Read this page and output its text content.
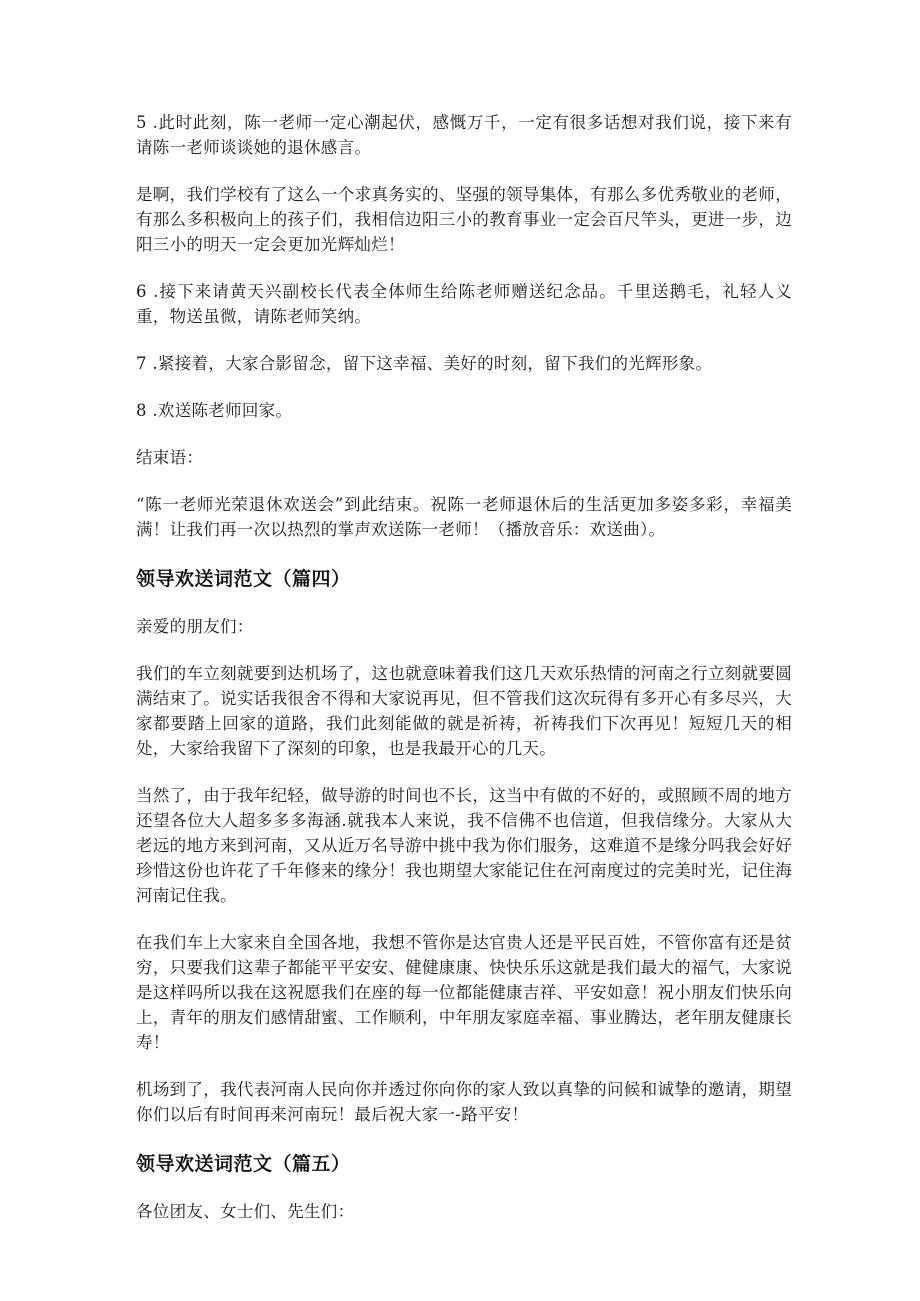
5 .此时此刻，陈一老师一定心潮起伏，感慨万千，一定有很多话想对我们说，接下来有请陈一老师谈谈她的退休感言。

是啊，我们学校有了这么一个求真务实的、坚强的领导集体，有那么多优秀敬业的老师，有那么多积极向上的孩子们，我相信边阳三小的教育事业一定会百尺竿头，更进一步，边阳三小的明天一定会更加光辉灿烂！

6 .接下来请黄天兴副校长代表全体师生给陈老师赠送纪念品。千里送鹅毛，礼轻人义重，物送虽微，请陈老师笑纳。

7 .紧接着，大家合影留念，留下这幸福、美好的时刻，留下我们的光辉形象。

8 .欢送陈老师回家。

结束语：

“陈一老师光荣退休欢送会”到此结束。祝陈一老师退休后的生活更加多姿多彩，幸福美满！让我们再一次以热烈的掌声欢送陈一老师！（播放音乐：欢送曲）。

领导欢送词范文（篇四）

亲爱的朋友们：

我们的车立刻就要到达机场了，这也就意味着我们这几天欢乐热情的河南之行立刻就要圆满结束了。说实话我很舍不得和大家说再见，但不管我们这次玩得有多开心有多尽兴，大家都要踏上回家的道路，我们此刻能做的就是祈祷，祈祷我们下次再见！短短几天的相处，大家给我留下了深刻的印象，也是我最开心的几天。

当然了，由于我年纪轻，做导游的时间也不长，这当中有做的不好的，或照顾不周的地方还望各位大人超多多多海涵.就我本人来说，我不信佛不也信道，但我信缘分。大家从大老远的地方来到河南，又从近万名导游中挑中我为你们服务，这难道不是缘分吗我会好好珍惜这份也许花了千年修来的缘分！我也期望大家能记住在河南度过的完美时光，记住海河南记住我。

在我们车上大家来自全国各地，我想不管你是达官贵人还是平民百姓，不管你富有还是贫穷，只要我们这辈子都能平平安安、健健康康、快快乐乐这就是我们最大的福气，大家说是这样吗所以我在这祝愿我们在座的每一位都能健康吉祥、平安如意！祝小朋友们快乐向上，青年的朋友们感情甜蜜、工作顺利，中年朋友家庭幸福、事业腾达，老年朋友健康长寿！

机场到了，我代表河南人民向你并透过你向你的家人致以真挚的问候和诚挚的邀请，期望你们以后有时间再来河南玩！最后祝大家一-路平安！

领导欢送词范文（篇五）

各位团友、女士们、先生们：
